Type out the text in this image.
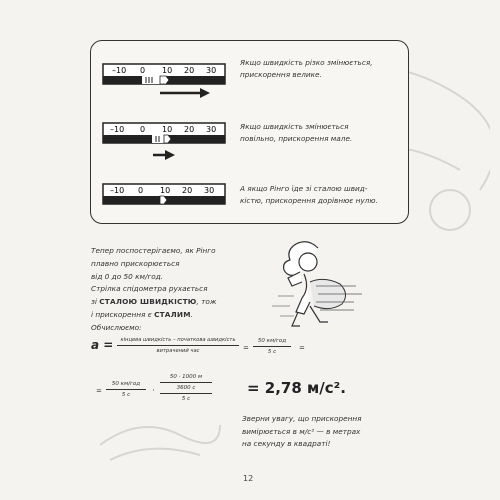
–10 0 10 20 30
Якщо швидкість різко змінюється,
прискорення велике.
–10 0 10 20 30	Якщо швидкість змінюється
повільно, прискорення мале.
–10 0 10 20 30	А якщо Рінго їде зі сталою швид-
кістю, прискорення дорівнює нулю.
Тепер поспостерігаємо, як Рінго
плавно прискорюється
від 0 до 50 км/год.
Стрілка спідометра рухається
зі СТАЛОЮ ШВИДКІСТЮ, тож
і прискорення є СТАЛИМ.
Обчислюємо:
a =	кінцева швидкість – початкова швидкість
витрачений час	=
50 км/год
5 с	=
=
50 км/год
5 с	·
50 · 1000 м
3600 с
5 с
= 2,78 м/с².
Зверни увагу, що прискорення
вимірюється в м/с² — в метрах
на секунду в квадраті!
12
